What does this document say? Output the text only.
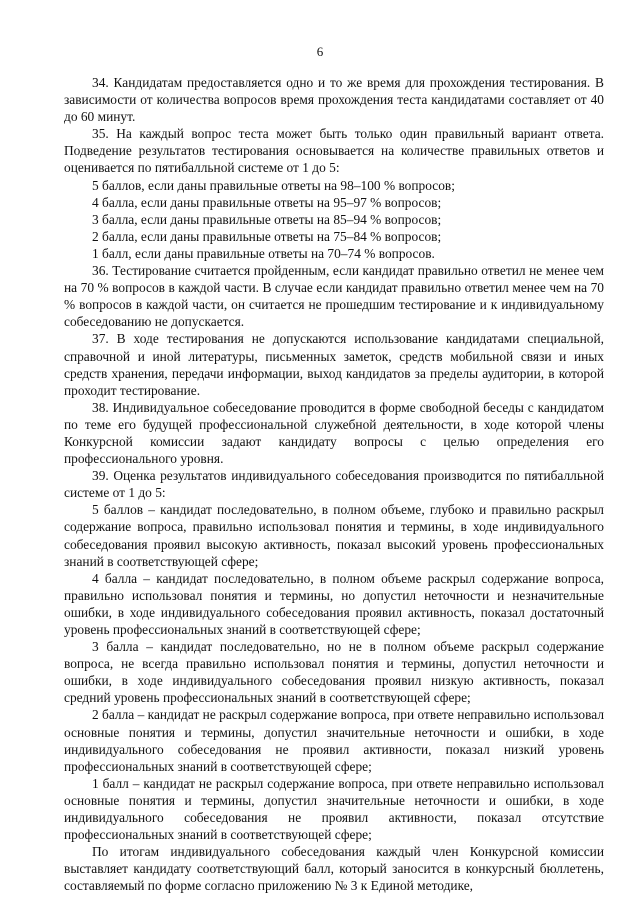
6

34. Кандидатам предоставляется одно и то же время для прохождения тестирования. В зависимости от количества вопросов время прохождения теста кандидатами составляет от 40 до 60 минут.

35. На каждый вопрос теста может быть только один правильный вариант ответа. Подведение результатов тестирования основывается на количестве правильных ответов и оценивается по пятибалльной системе от 1 до 5:

5 баллов, если даны правильные ответы на 98–100 % вопросов;

4 балла, если даны правильные ответы на 95–97 % вопросов;

3 балла, если даны правильные ответы на 85–94 % вопросов;

2 балла, если даны правильные ответы на 75–84 % вопросов;

1 балл, если даны правильные ответы на 70–74 % вопросов.

36. Тестирование считается пройденным, если кандидат правильно ответил не менее чем на 70 % вопросов в каждой части. В случае если кандидат правильно ответил менее чем на 70 % вопросов в каждой части, он считается не прошедшим тестирование и к индивидуальному собеседованию не допускается.

37. В ходе тестирования не допускаются использование кандидатами специальной, справочной и иной литературы, письменных заметок, средств мобильной связи и иных средств хранения, передачи информации, выход кандидатов за пределы аудитории, в которой проходит тестирование.

38. Индивидуальное собеседование проводится в форме свободной беседы с кандидатом по теме его будущей профессиональной служебной деятельности, в ходе которой члены Конкурсной комиссии задают кандидату вопросы с целью определения его профессионального уровня.

39. Оценка результатов индивидуального собеседования производится по пятибалльной системе от 1 до 5:

5 баллов – кандидат последовательно, в полном объеме, глубоко и правильно раскрыл содержание вопроса, правильно использовал понятия и термины, в ходе индивидуального собеседования проявил высокую активность, показал высокий уровень профессиональных знаний в соответствующей сфере;

4 балла – кандидат последовательно, в полном объеме раскрыл содержание вопроса, правильно использовал понятия и термины, но допустил неточности и незначительные ошибки, в ходе индивидуального собеседования проявил активность, показал достаточный уровень профессиональных знаний в соответствующей сфере;

3 балла – кандидат последовательно, но не в полном объеме раскрыл содержание вопроса, не всегда правильно использовал понятия и термины, допустил неточности и ошибки, в ходе индивидуального собеседования проявил низкую активность, показал средний уровень профессиональных знаний в соответствующей сфере;

2 балла – кандидат не раскрыл содержание вопроса, при ответе неправильно использовал основные понятия и термины, допустил значительные неточности и ошибки, в ходе индивидуального собеседования не проявил активности, показал низкий уровень профессиональных знаний в соответствующей сфере;

1 балл – кандидат не раскрыл содержание вопроса, при ответе неправильно использовал основные понятия и термины, допустил значительные неточности и ошибки, в ходе индивидуального собеседования не проявил активности, показал отсутствие профессиональных знаний в соответствующей сфере;

По итогам индивидуального собеседования каждый член Конкурсной комиссии выставляет кандидату соответствующий балл, который заносится в конкурсный бюллетень, составляемый по форме согласно приложению № 3 к Единой методике,
